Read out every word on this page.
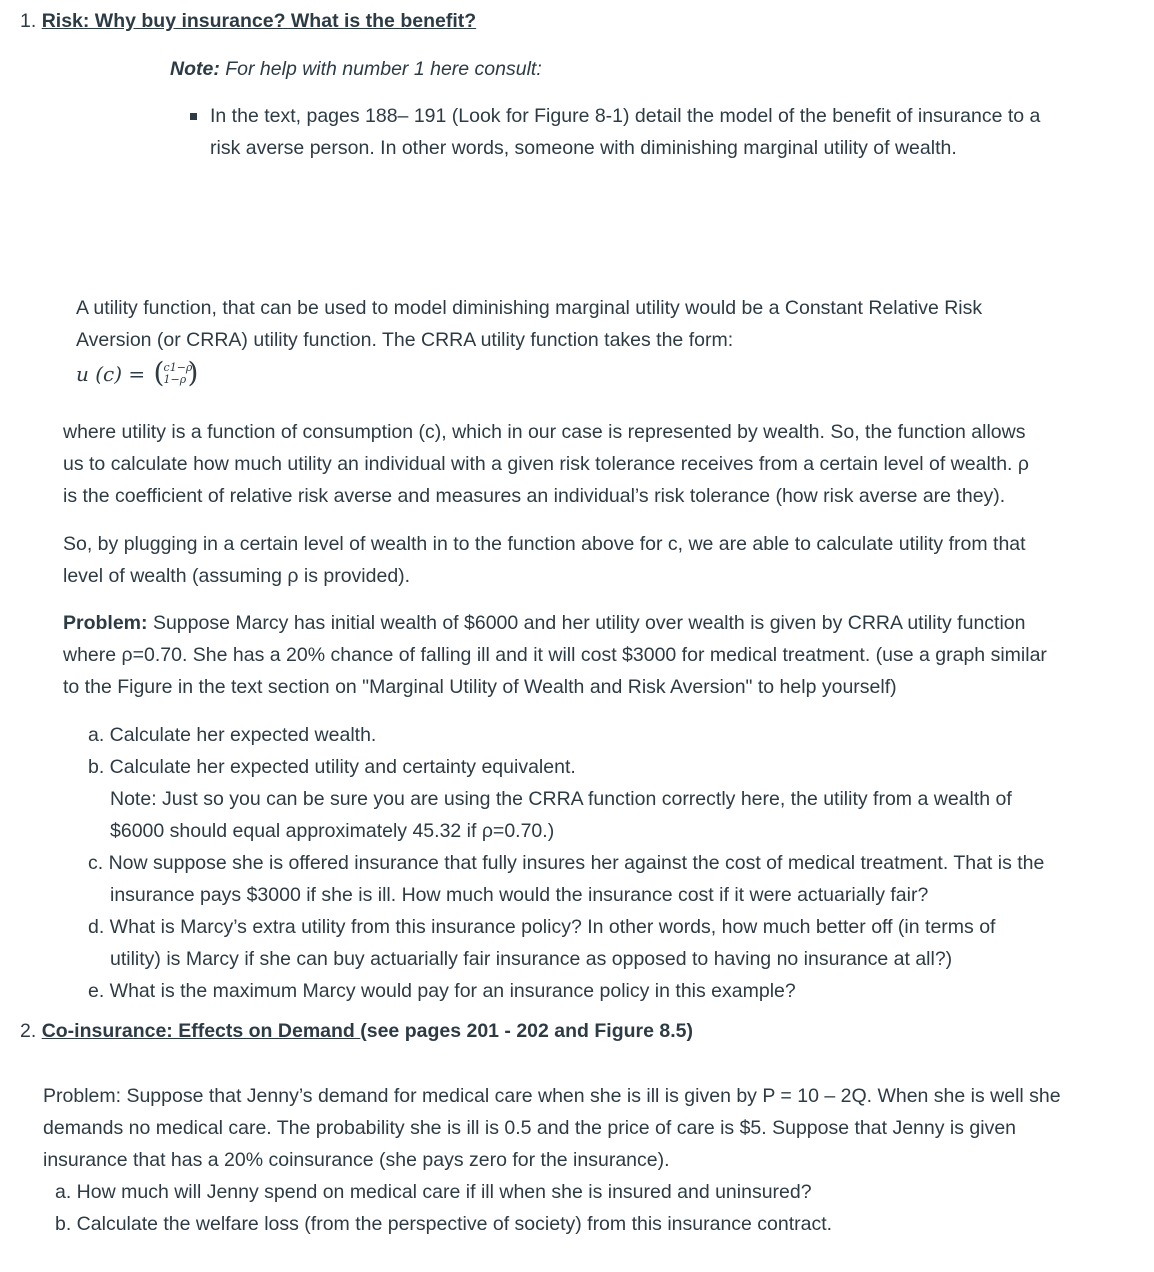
1. Risk: Why buy insurance? What is the benefit?
Note: For help with number 1 here consult:
In the text, pages 188– 191 (Look for Figure 8-1) detail the model of the benefit of insurance to a
risk averse person. In other words, someone with diminishing marginal utility of wealth.
A utility function, that can be used to model diminishing marginal utility would be a Constant Relative Risk
Aversion (or CRRA) utility function. The CRRA utility function takes the form:
u (c) = ( c1−ρ
1−ρ )
where utility is a function of consumption (c), which in our case is represented by wealth. So, the function allows
us to calculate how much utility an individual with a given risk tolerance receives from a certain level of wealth. ρ
is the coefficient of relative risk averse and measures an individual’s risk tolerance (how risk averse are they).
So, by plugging in a certain level of wealth in to the function above for c, we are able to calculate utility from that
level of wealth (assuming ρ is provided).
Problem: Suppose Marcy has initial wealth of $6000 and her utility over wealth is given by CRRA utility function
where ρ=0.70. She has a 20% chance of falling ill and it will cost $3000 for medical treatment. (use a graph similar
to the Figure in the text section on "Marginal Utility of Wealth and Risk Aversion" to help yourself)
a. Calculate her expected wealth.
b. Calculate her expected utility and certainty equivalent.
Note: Just so you can be sure you are using the CRRA function correctly here, the utility from a wealth of
$6000 should equal approximately 45.32 if ρ=0.70.)
c. Now suppose she is offered insurance that fully insures her against the cost of medical treatment. That is the
insurance pays $3000 if she is ill. How much would the insurance cost if it were actuarially fair?
d. What is Marcy’s extra utility from this insurance policy? In other words, how much better off (in terms of
utility) is Marcy if she can buy actuarially fair insurance as opposed to having no insurance at all?)
e. What is the maximum Marcy would pay for an insurance policy in this example?
2. Co-insurance: Effects on Demand (see pages 201 - 202 and Figure 8.5)
Problem: Suppose that Jenny’s demand for medical care when she is ill is given by P = 10 – 2Q. When she is well she
demands no medical care. The probability she is ill is 0.5 and the price of care is $5. Suppose that Jenny is given
insurance that has a 20% coinsurance (she pays zero for the insurance).
a. How much will Jenny spend on medical care if ill when she is insured and uninsured?
b. Calculate the welfare loss (from the perspective of society) from this insurance contract.
